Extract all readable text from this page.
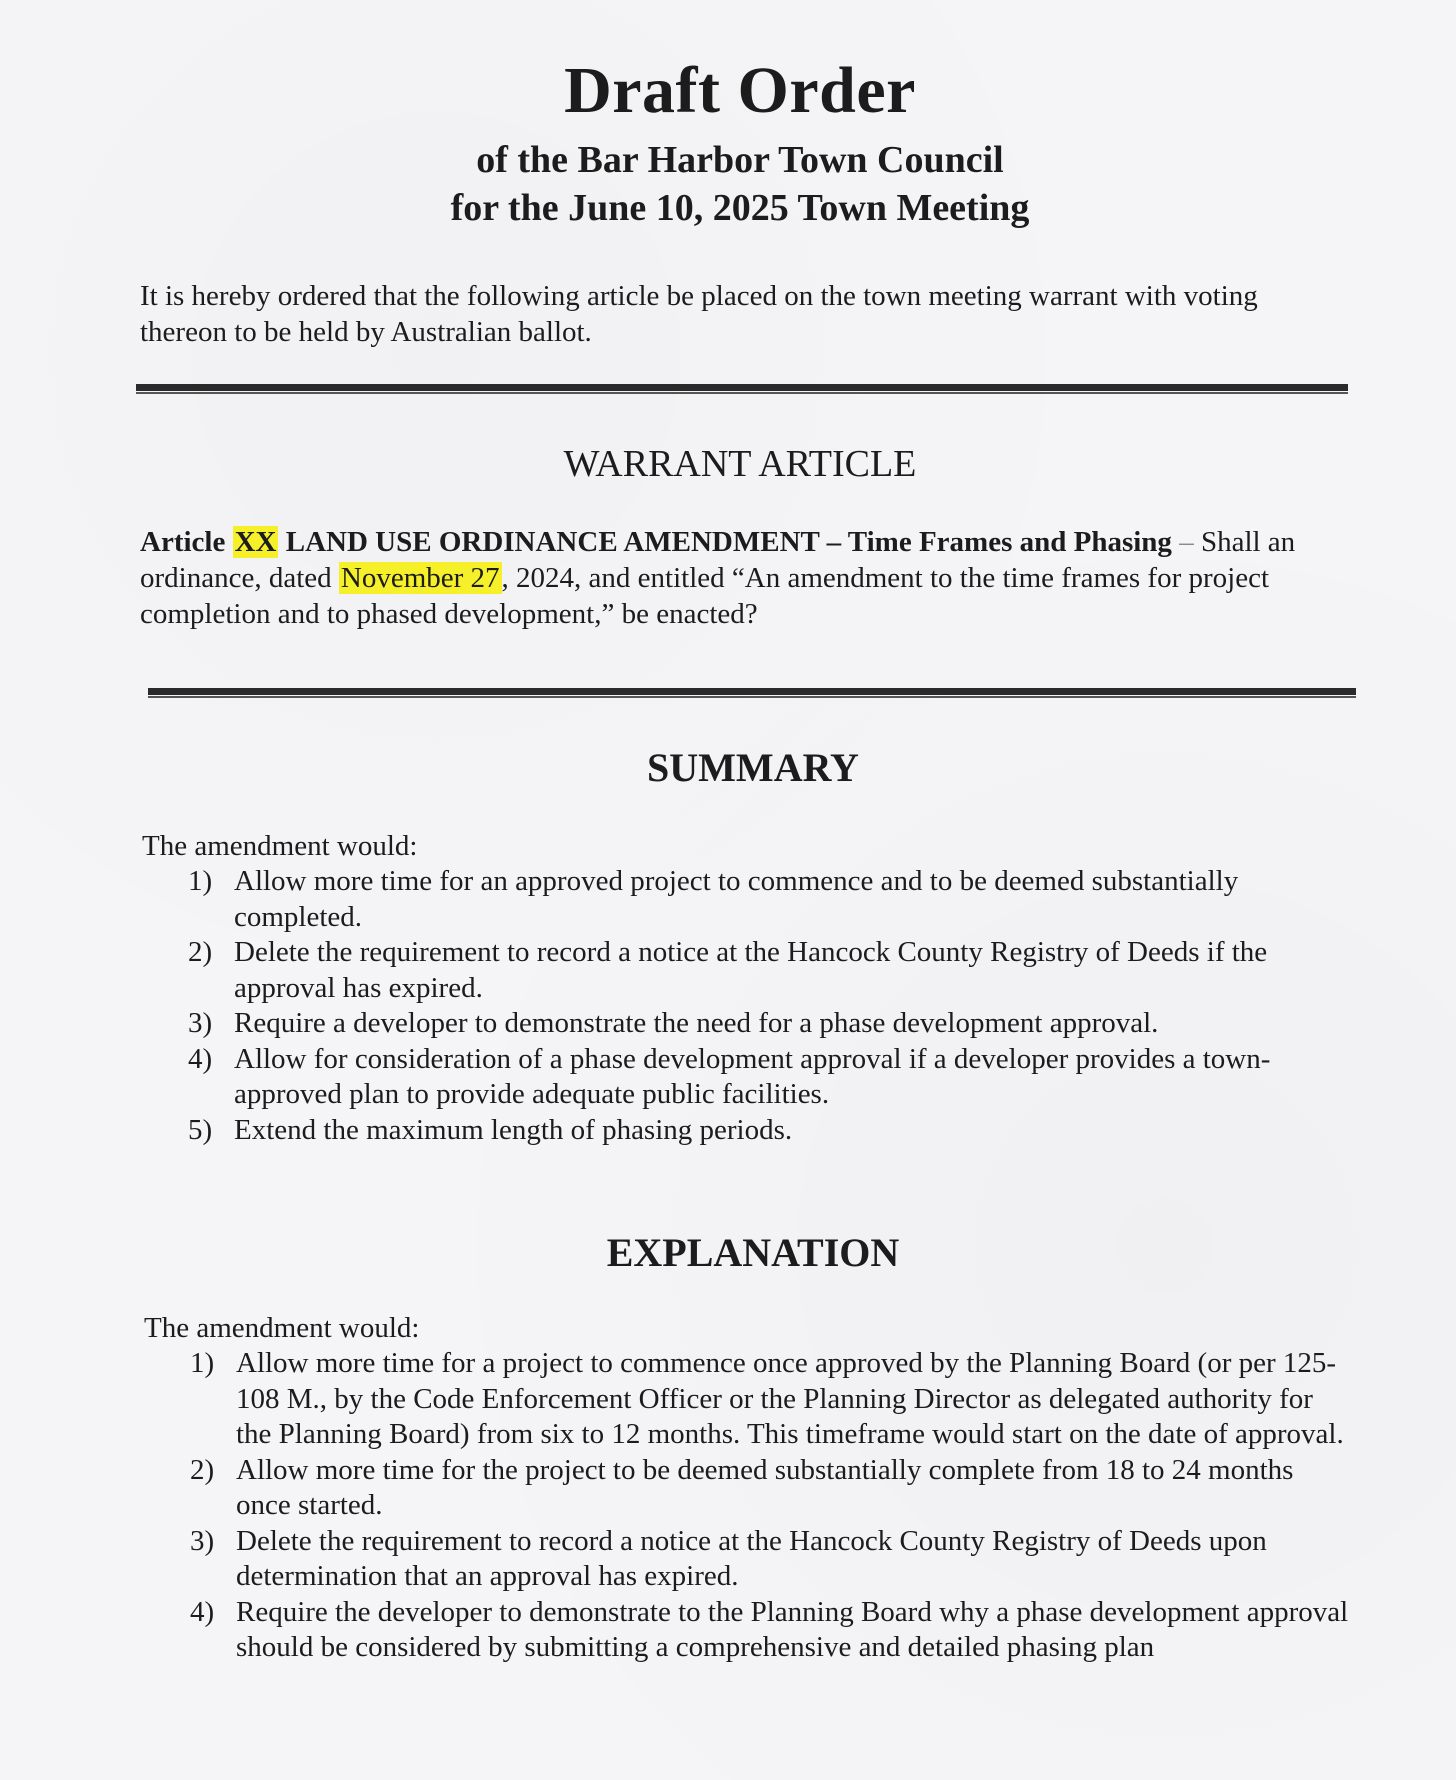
Draft Order
of the Bar Harbor Town Council
for the June 10, 2025 Town Meeting
It is hereby ordered that the following article be placed on the town meeting warrant with voting thereon to be held by Australian ballot.
WARRANT ARTICLE
Article XX LAND USE ORDINANCE AMENDMENT – Time Frames and Phasing – Shall an ordinance, dated November 27, 2024, and entitled “An amendment to the time frames for project completion and to phased development,” be enacted?
SUMMARY
The amendment would:
1) Allow more time for an approved project to commence and to be deemed substantially completed.
2) Delete the requirement to record a notice at the Hancock County Registry of Deeds if the approval has expired.
3) Require a developer to demonstrate the need for a phase development approval.
4) Allow for consideration of a phase development approval if a developer provides a town-approved plan to provide adequate public facilities.
5) Extend the maximum length of phasing periods.
EXPLANATION
The amendment would:
1) Allow more time for a project to commence once approved by the Planning Board (or per 125-108 M., by the Code Enforcement Officer or the Planning Director as delegated authority for the Planning Board) from six to 12 months. This timeframe would start on the date of approval.
2) Allow more time for the project to be deemed substantially complete from 18 to 24 months once started.
3) Delete the requirement to record a notice at the Hancock County Registry of Deeds upon determination that an approval has expired.
4) Require the developer to demonstrate to the Planning Board why a phase development approval should be considered by submitting a comprehensive and detailed phasing plan
